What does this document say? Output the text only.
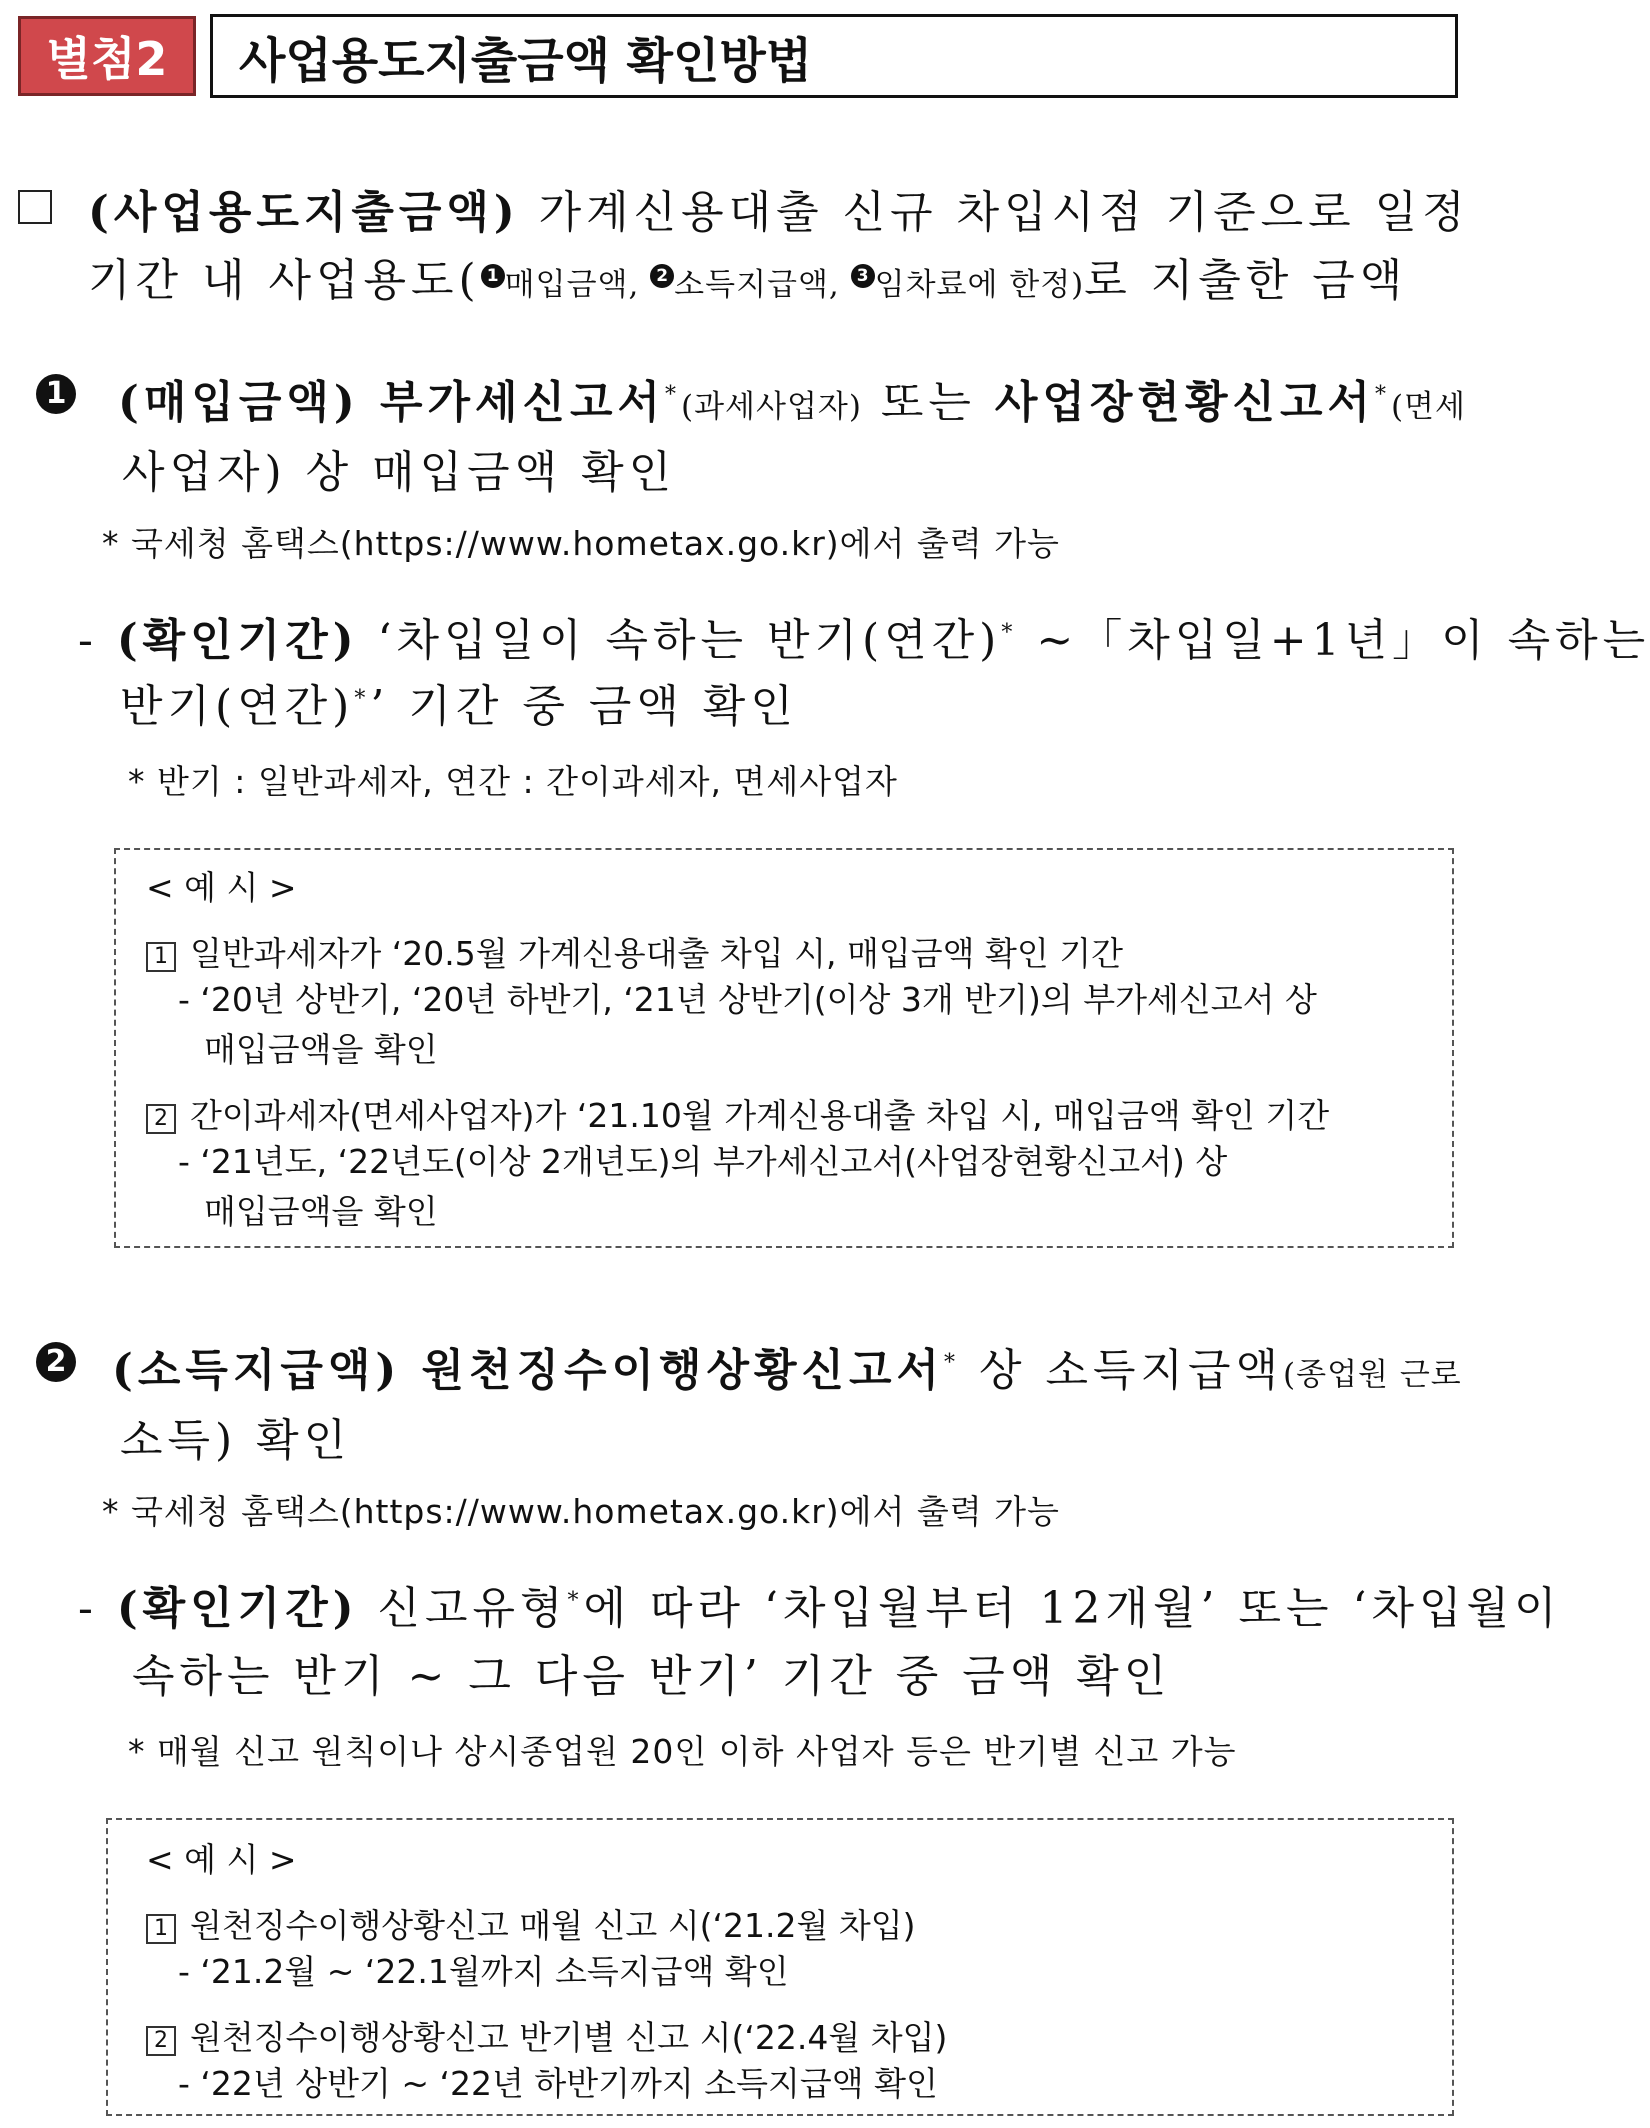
별첨2	사업용도지출금액 확인방법
(사업용도지출금액) 가계신용대출 신규 차입시점 기준으로 일정
기간 내 사업용도( 1 매입금액, 2 소득지급액, 3 임차료에 한정)로 지출한 금액
1 (매입금액) 부가세신고서*(과세사업자) 또는 사업장현황신고서*(면세
사업자) 상 매입금액 확인
* 국세청 홈택스(https://www.hometax.go.kr)에서 출력 가능
- (확인기간) ‘차입일이 속하는 반기(연간)* ~「차입일+1년」이 속하는
반기(연간)*’ 기간 중 금액 확인
* 반기 : 일반과세자, 연간 : 간이과세자, 면세사업자
< 예 시 >
1 일반과세자가 ‘20.5월 가계신용대출 차입 시, 매입금액 확인 기간
- ‘20년 상반기, ‘20년 하반기, ‘21년 상반기(이상 3개 반기)의 부가세신고서 상
매입금액을 확인
2 간이과세자(면세사업자)가 ‘21.10월 가계신용대출 차입 시, 매입금액 확인 기간
- ‘21년도, ‘22년도(이상 2개년도)의 부가세신고서(사업장현황신고서) 상
매입금액을 확인
2 (소득지급액) 원천징수이행상황신고서* 상 소득지급액(종업원 근로
소득) 확인
* 국세청 홈택스(https://www.hometax.go.kr)에서 출력 가능
- (확인기간) 신고유형*에 따라 ‘차입월부터 12개월’ 또는 ‘차입월이
속하는 반기 ~ 그 다음 반기’ 기간 중 금액 확인
* 매월 신고 원칙이나 상시종업원 20인 이하 사업자 등은 반기별 신고 가능
< 예 시 >
1 원천징수이행상황신고 매월 신고 시(‘21.2월 차입)
- ‘21.2월 ~ ‘22.1월까지 소득지급액 확인
2 원천징수이행상황신고 반기별 신고 시(‘22.4월 차입)
- ‘22년 상반기 ~ ‘22년 하반기까지 소득지급액 확인
